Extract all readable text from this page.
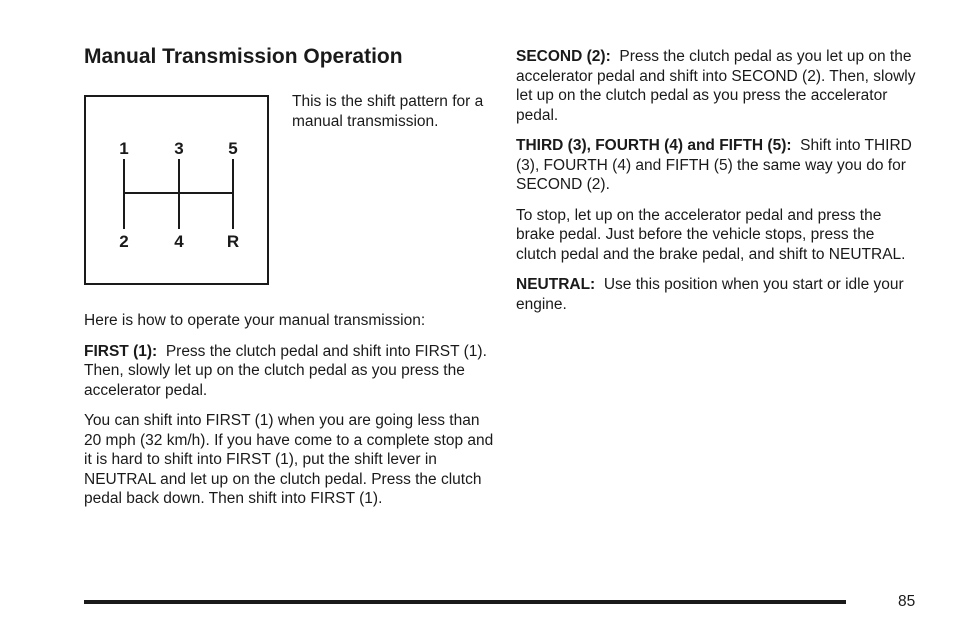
Manual Transmission Operation
1	3	5
2	4	R
This is the shift pattern for a manual transmission.

Here is how to operate your manual transmission:

FIRST (1): Press the clutch pedal and shift into FIRST (1). Then, slowly let up on the clutch pedal as you press the accelerator pedal.

You can shift into FIRST (1) when you are going less than 20 mph (32 km/h). If you have come to a complete stop and it is hard to shift into FIRST (1), put the shift lever in NEUTRAL and let up on the clutch pedal. Press the clutch pedal back down. Then shift into FIRST (1).

SECOND (2): Press the clutch pedal as you let up on the accelerator pedal and shift into SECOND (2). Then, slowly let up on the clutch pedal as you press the accelerator pedal.

THIRD (3), FOURTH (4) and FIFTH (5): Shift into THIRD (3), FOURTH (4) and FIFTH (5) the same way you do for SECOND (2).

To stop, let up on the accelerator pedal and press the brake pedal. Just before the vehicle stops, press the clutch pedal and the brake pedal, and shift to NEUTRAL.

NEUTRAL: Use this position when you start or idle your engine.

85
